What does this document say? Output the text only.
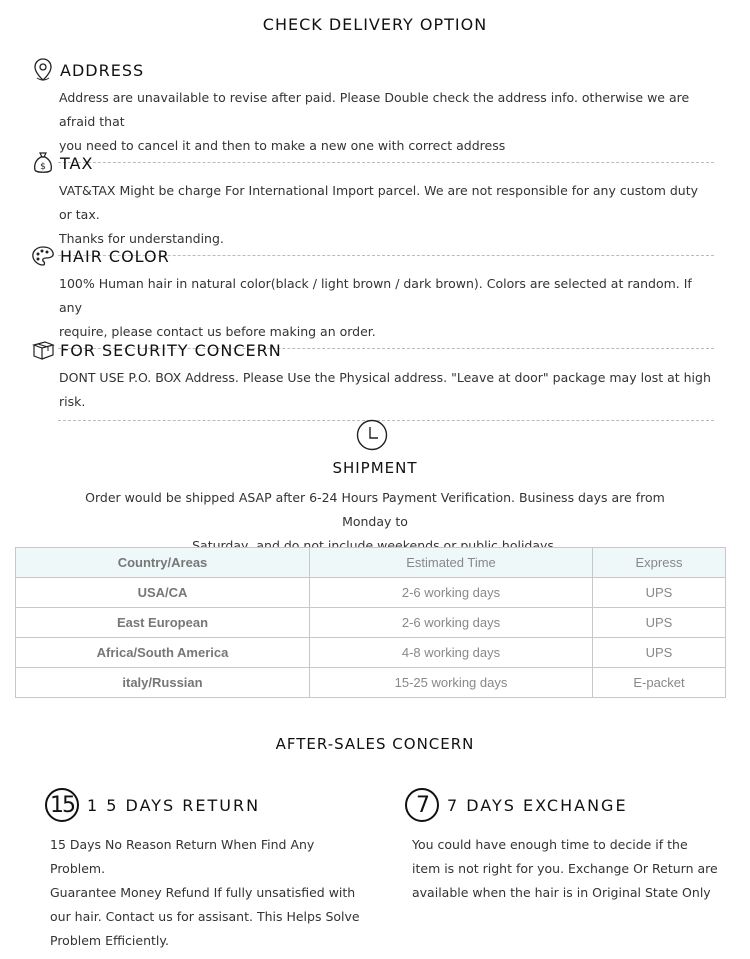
CHECK DELIVERY OPTION
ADDRESS
Address are unavailable to revise after paid. Please Double check the address info. otherwise we are afraid that
you need to cancel it and then to make a new one with correct address
$ TAX
VAT&TAX Might be charge For International Import parcel. We are not responsible for any custom duty or tax.
Thanks for understanding.
HAIR COLOR
100% Human hair in natural color(black / light brown / dark brown). Colors are selected at random. If any
require, please contact us before making an order.
FOR SECURITY CONCERN
DONT USE P.O. BOX Address. Please Use the Physical address. "Leave at door" package may lost at high risk.
SHIPMENT
Order would be shipped ASAP after 6-24 Hours Payment Verification. Business days are from Monday to
Saturday, and do not include weekends or public holidays.
Country/Areas	Estimated Time	Express
USA/CA	2-6 working days	UPS
East European	2-6 working days	UPS
Africa/South America	4-8 working days	UPS
italy/Russian	15-25 working days	E-packet
AFTER-SALES CONCERN
15 1 5 DAYS RETURN
15 Days No Reason Return When Find Any Problem.
Guarantee Money Refund If fully unsatisfied with
our hair. Contact us for assisant. This Helps Solve
Problem Efficiently.
7	7 DAYS EXCHANGE
You could have enough time to decide if the
item is not right for you. Exchange Or Return are
available when the hair is in Original State Only
